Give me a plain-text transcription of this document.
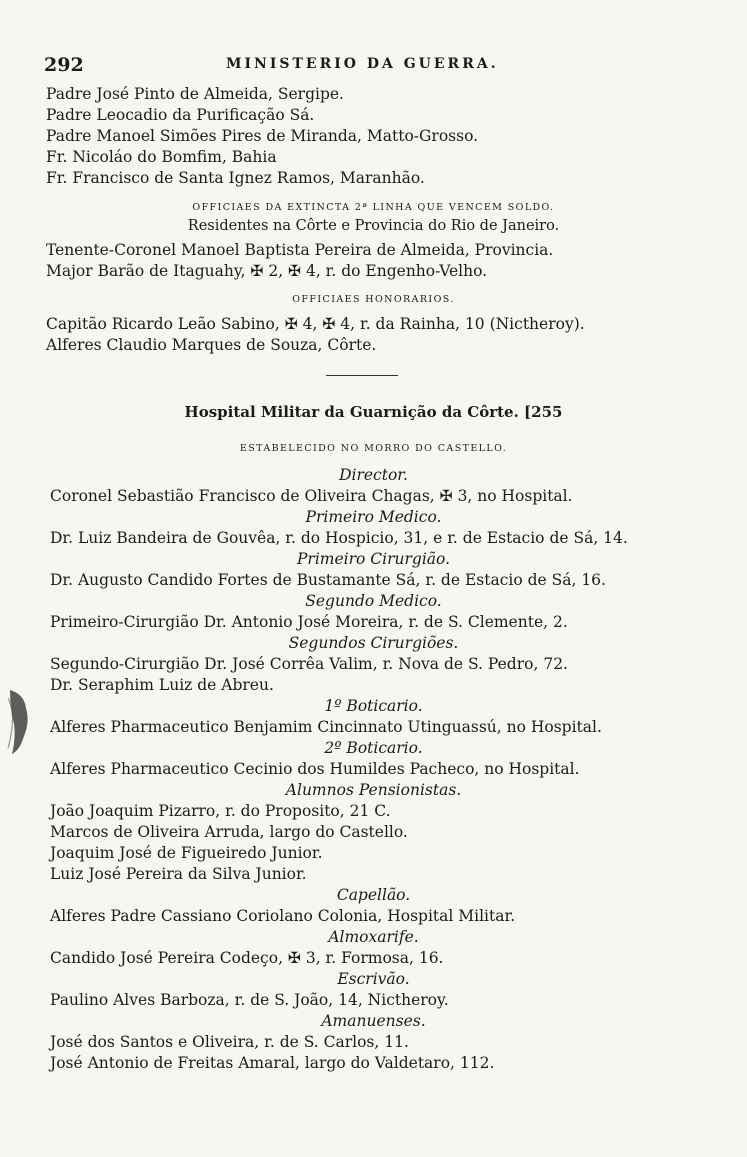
292	MINISTERIO DA GUERRA.
Padre José Pinto de Almeida, Sergipe.
Padre Leocadio da Purificação Sá.
Padre Manoel Simões Pires de Miranda, Matto-Grosso.
Fr. Nicoláo do Bomfim, Bahia
Fr. Francisco de Santa Ignez Ramos, Maranhão.
OFFICIAES DA EXTINCTA 2ª LINHA QUE VENCEM SOLDO.
Residentes na Côrte e Provincia do Rio de Janeiro.
Tenente-Coronel Manoel Baptista Pereira de Almeida, Provincia.
Major Barão de Itaguahy, ✠ 2, ✠ 4, r. do Engenho-Velho.
OFFICIAES HONORARIOS.
Capitão Ricardo Leão Sabino, ✠ 4, ✠ 4, r. da Rainha, 10 (Nictheroy).
Alferes Claudio Marques de Souza, Côrte.
Hospital Militar da Guarnição da Côrte. [255
ESTABELECIDO NO MORRO DO CASTELLO.
Director.
Coronel Sebastião Francisco de Oliveira Chagas, ✠ 3, no Hospital.
Primeiro Medico.
Dr. Luiz Bandeira de Gouvêa, r. do Hospicio, 31, e r. de Estacio de Sá, 14.
Primeiro Cirurgião.
Dr. Augusto Candido Fortes de Bustamante Sá, r. de Estacio de Sá, 16.
Segundo Medico.
Primeiro-Cirurgião Dr. Antonio José Moreira, r. de S. Clemente, 2.
Segundos Cirurgiões.
Segundo-Cirurgião Dr. José Corrêa Valim, r. Nova de S. Pedro, 72.
Dr. Seraphim Luiz de Abreu.
1º Boticario.
Alferes Pharmaceutico Benjamim Cincinnato Utinguassú, no Hospital.
2º Boticario.
Alferes Pharmaceutico Cecinio dos Humildes Pacheco, no Hospital.
Alumnos Pensionistas.
João Joaquim Pizarro, r. do Proposito, 21 C.
Marcos de Oliveira Arruda, largo do Castello.
Joaquim José de Figueiredo Junior.
Luiz José Pereira da Silva Junior.
Capellão.
Alferes Padre Cassiano Coriolano Colonia, Hospital Militar.
Almoxarife.
Candido José Pereira Codeço, ✠ 3, r. Formosa, 16.
Escrivão.
Paulino Alves Barboza, r. de S. João, 14, Nictheroy.
Amanuenses.
José dos Santos e Oliveira, r. de S. Carlos, 11.
José Antonio de Freitas Amaral, largo do Valdetaro, 112.
